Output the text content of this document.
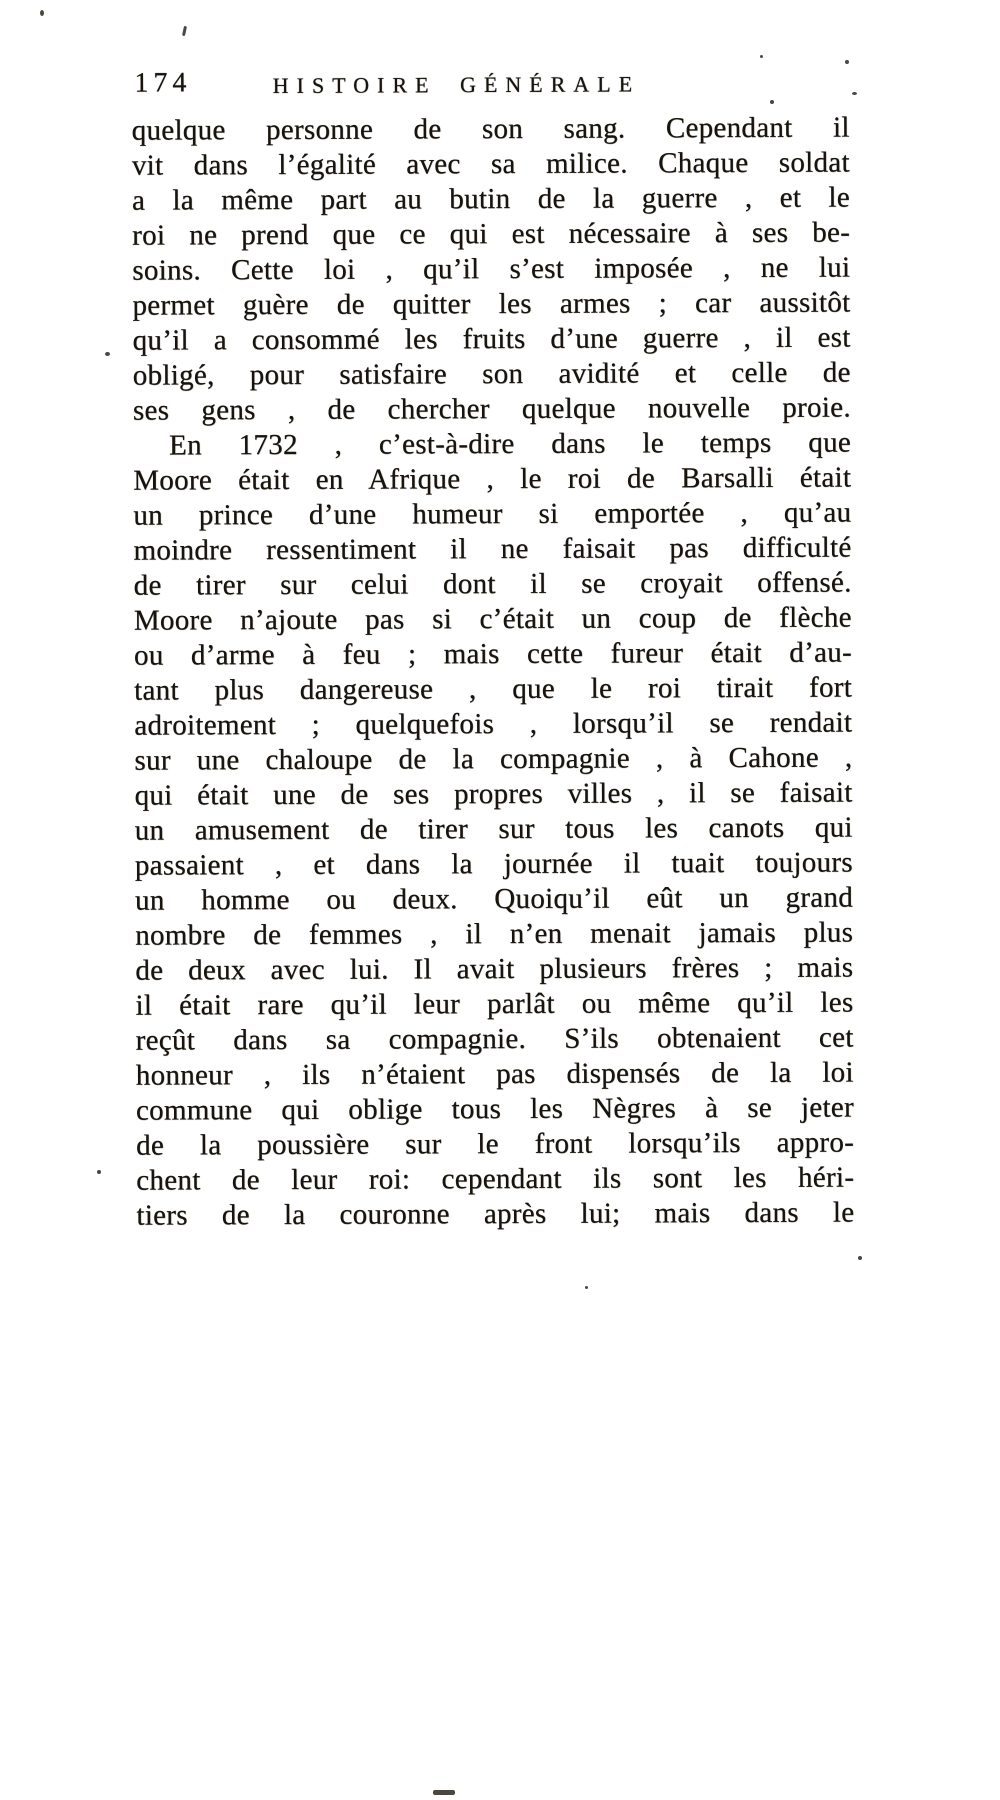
174	HISTOIRE GÉNÉRALE
quelque personne de son sang. Cependant il
vit dans l’égalité avec sa milice. Chaque soldat
a la même part au butin de la guerre , et le
roi ne prend que ce qui est nécessaire à ses be-
soins. Cette loi , qu’il s’est imposée , ne lui
permet guère de quitter les armes ; car aussitôt
qu’il a consommé les fruits d’une guerre , il est
obligé, pour satisfaire son avidité et celle de
ses gens , de chercher quelque nouvelle proie.
En 1732 , c’est-à-dire dans le temps que
Moore était en Afrique , le roi de Barsalli était
un prince d’une humeur si emportée , qu’au
moindre ressentiment il ne faisait pas difficulté
de tirer sur celui dont il se croyait offensé.
Moore n’ajoute pas si c’était un coup de flèche
ou d’arme à feu ; mais cette fureur était d’au-
tant plus dangereuse , que le roi tirait fort
adroitement ; quelquefois , lorsqu’il se rendait
sur une chaloupe de la compagnie , à Cahone ,
qui était une de ses propres villes , il se faisait
un amusement de tirer sur tous les canots qui
passaient , et dans la journée il tuait toujours
un homme ou deux. Quoiqu’il eût un grand
nombre de femmes , il n’en menait jamais plus
de deux avec lui. Il avait plusieurs frères ; mais
il était rare qu’il leur parlât ou même qu’il les
reçût dans sa compagnie. S’ils obtenaient cet
honneur , ils n’étaient pas dispensés de la loi
commune qui oblige tous les Nègres à se jeter
de la poussière sur le front lorsqu’ils appro-
chent de leur roi: cependant ils sont les héri-
tiers de la couronne après lui; mais dans le
